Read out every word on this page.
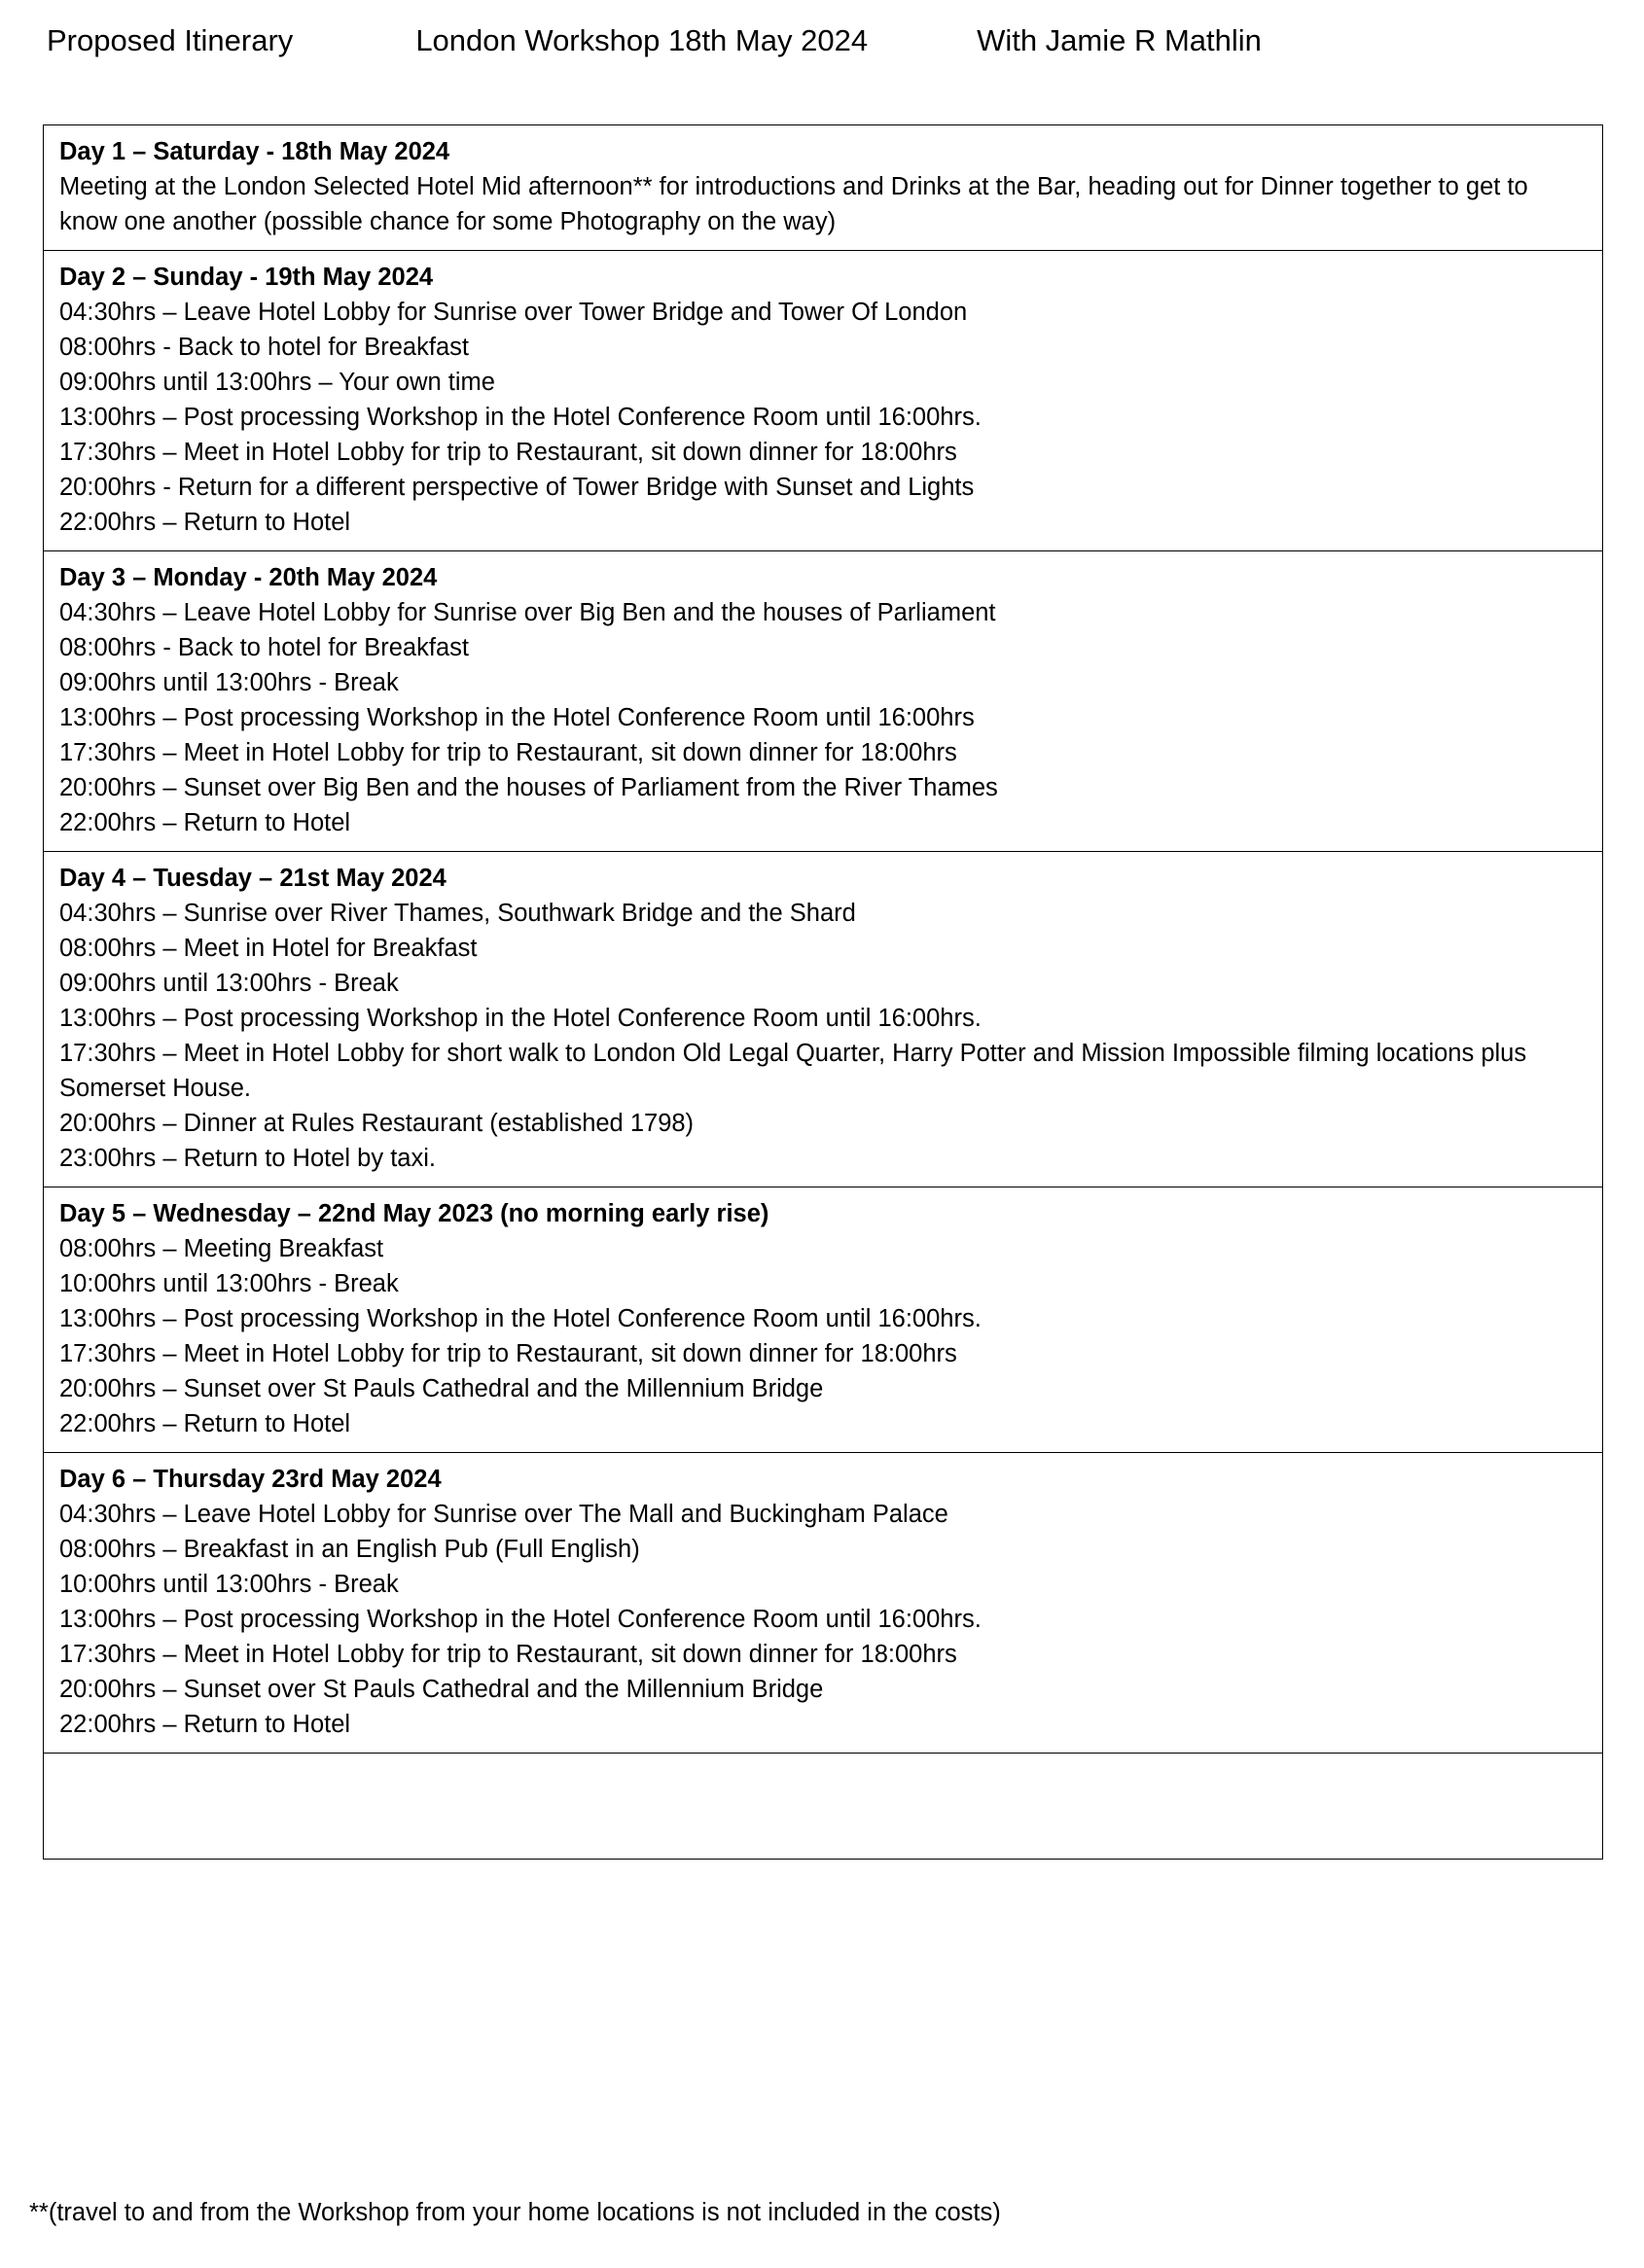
Proposed Itinerary	London Workshop 18th May 2024	With Jamie R Mathlin
Day 1 – Saturday - 18th May 2024
Meeting at the London Selected Hotel Mid afternoon** for introductions and Drinks at the Bar, heading out for Dinner together to get to know one another (possible chance for some Photography on the way)
Day 2 – Sunday - 19th May 2024
04:30hrs – Leave Hotel Lobby for Sunrise over Tower Bridge and Tower Of London
08:00hrs - Back to hotel for Breakfast
09:00hrs until 13:00hrs – Your own time
13:00hrs – Post processing Workshop in the Hotel Conference Room until 16:00hrs.
17:30hrs – Meet in Hotel Lobby for trip to Restaurant, sit down dinner for 18:00hrs
20:00hrs - Return for a different perspective of Tower Bridge with Sunset and Lights
22:00hrs – Return to Hotel
Day 3 – Monday - 20th May 2024
04:30hrs – Leave Hotel Lobby for Sunrise over Big Ben and the houses of Parliament
08:00hrs - Back to hotel for Breakfast
09:00hrs until 13:00hrs - Break
13:00hrs – Post processing Workshop in the Hotel Conference Room until 16:00hrs
17:30hrs – Meet in Hotel Lobby for trip to Restaurant, sit down dinner for 18:00hrs
20:00hrs – Sunset over Big Ben and the houses of Parliament from the River Thames
22:00hrs – Return to Hotel
Day 4 – Tuesday – 21st May 2024
04:30hrs – Sunrise over River Thames, Southwark Bridge and the Shard
08:00hrs – Meet in Hotel for Breakfast
09:00hrs until 13:00hrs - Break
13:00hrs – Post processing Workshop in the Hotel Conference Room until 16:00hrs.
17:30hrs – Meet in Hotel Lobby for short walk to London Old Legal Quarter, Harry Potter and Mission Impossible filming locations plus Somerset House.
20:00hrs – Dinner at Rules Restaurant (established 1798)
23:00hrs – Return to Hotel by taxi.
Day 5 – Wednesday – 22nd May 2023 (no morning early rise)
08:00hrs – Meeting Breakfast
10:00hrs until 13:00hrs - Break
13:00hrs – Post processing Workshop in the Hotel Conference Room until 16:00hrs.
17:30hrs – Meet in Hotel Lobby for trip to Restaurant, sit down dinner for 18:00hrs
20:00hrs – Sunset over St Pauls Cathedral and the Millennium Bridge
22:00hrs – Return to Hotel
Day 6 – Thursday 23rd May 2024
04:30hrs – Leave Hotel Lobby for Sunrise over The Mall and Buckingham Palace
08:00hrs – Breakfast in an English Pub (Full English)
10:00hrs until 13:00hrs - Break
13:00hrs – Post processing Workshop in the Hotel Conference Room until 16:00hrs.
17:30hrs – Meet in Hotel Lobby for trip to Restaurant, sit down dinner for 18:00hrs
20:00hrs – Sunset over St Pauls Cathedral and the Millennium Bridge
22:00hrs – Return to Hotel
**(travel to and from the Workshop from your home locations is not included in the costs)
